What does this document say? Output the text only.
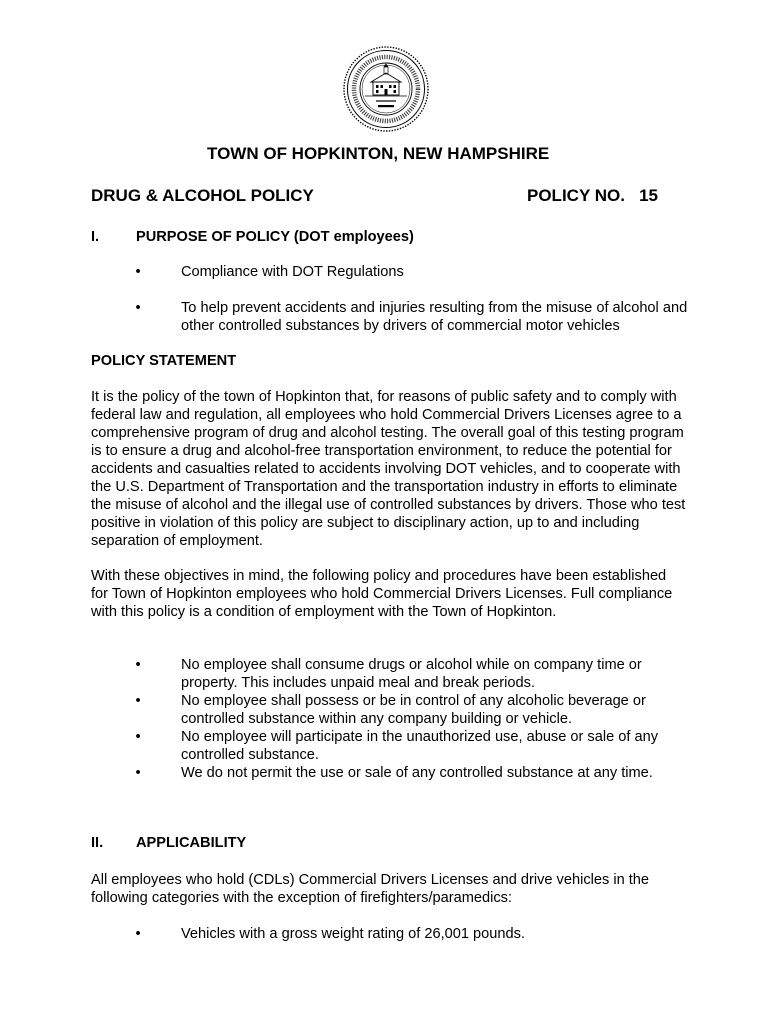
TOWN OF HOPKINTON, NEW HAMPSHIRE
DRUG & ALCOHOL POLICY	POLICY NO.   15
I.	PURPOSE OF POLICY (DOT employees)
•	Compliance with DOT Regulations
•	To help prevent accidents and injuries resulting from the misuse of alcohol and other controlled substances by drivers of commercial motor vehicles
POLICY STATEMENT
It is the policy of the town of Hopkinton that, for reasons of public safety and to comply with federal law and regulation, all employees who hold Commercial Drivers Licenses agree to a comprehensive program of drug and alcohol testing. The overall goal of this testing program is to ensure a drug and alcohol-free transportation environment, to reduce the potential for accidents and casualties related to accidents involving DOT vehicles, and to cooperate with the U.S. Department of Transportation and the transportation industry in efforts to eliminate the misuse of alcohol and the illegal use of controlled substances by drivers. Those who test positive in violation of this policy are subject to disciplinary action, up to and including separation of employment.
With these objectives in mind, the following policy and procedures have been established for Town of Hopkinton employees who hold Commercial Drivers Licenses. Full compliance with this policy is a condition of employment with the Town of Hopkinton.
•	No employee shall consume drugs or alcohol while on company time or property. This includes unpaid meal and break periods.
•	No employee shall possess or be in control of any alcoholic beverage or controlled substance within any company building or vehicle.
•	No employee will participate in the unauthorized use, abuse or sale of any controlled substance.
•	We do not permit the use or sale of any controlled substance at any time.
II. APPLICABILITY
All employees who hold (CDLs) Commercial Drivers Licenses and drive vehicles in the following categories with the exception of firefighters/paramedics:
•	Vehicles with a gross weight rating of 26,001 pounds.
